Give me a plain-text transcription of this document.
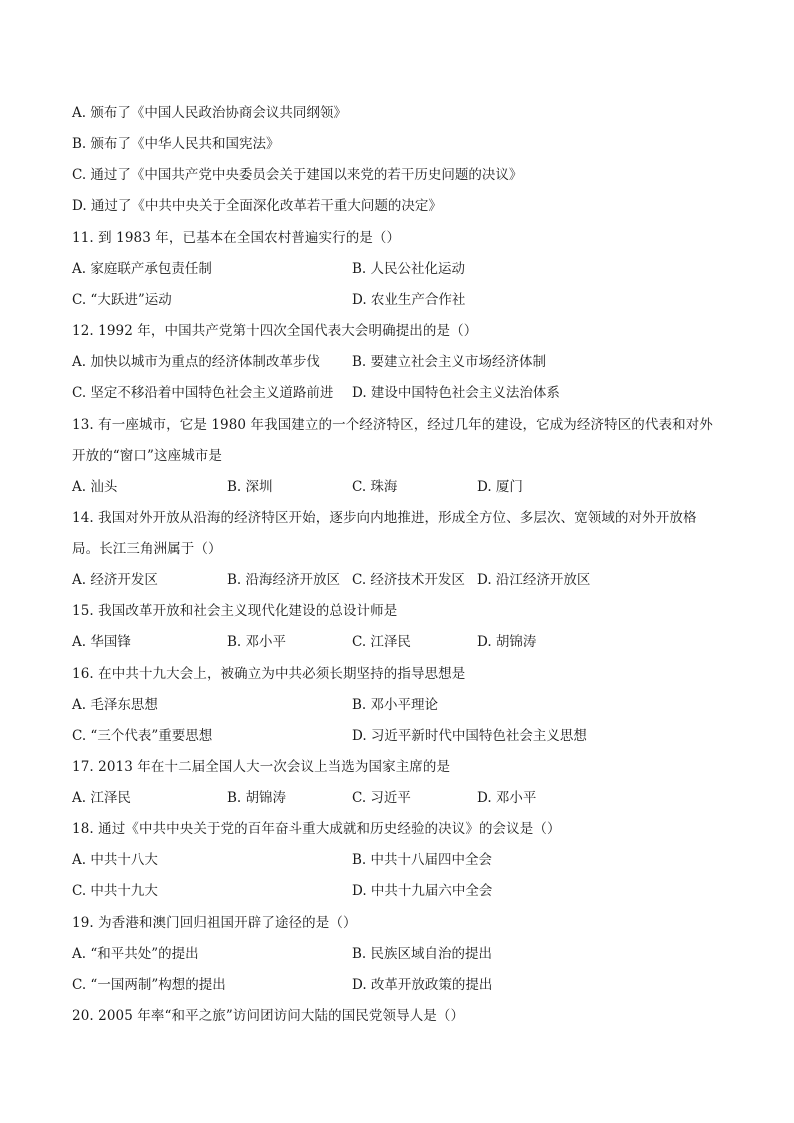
A. 颁布了《中国人民政治协商会议共同纲领》
B. 颁布了《中华人民共和国宪法》
C. 通过了《中国共产党中央委员会关于建国以来党的若干历史问题的决议》
D. 通过了《中共中央关于全面深化改革若干重大问题的决定》
11. 到 1983 年，已基本在全国农村普遍实行的是（）
A. 家庭联产承包责任制	B. 人民公社化运动
C. “大跃进”运动	D. 农业生产合作社
12. 1992 年，中国共产党第十四次全国代表大会明确提出的是（）
A. 加快以城市为重点的经济体制改革步伐 B. 要建立社会主义市场经济体制
C. 坚定不移沿着中国特色社会主义道路前进 D. 建设中国特色社会主义法治体系
13. 有一座城市，它是 1980 年我国建立的一个经济特区，经过几年的建设，它成为经济特区的代表和对外
开放的“窗口”这座城市是
A. 汕头	B. 深圳	C. 珠海	D. 厦门
14. 我国对外开放从沿海的经济特区开始，逐步向内地推进，形成全方位、多层次、宽领域的对外开放格
局。长江三角洲属于（）
A. 经济开发区	B. 沿海经济开放区 C. 经济技术开发区 D. 沿江经济开放区
15. 我国改革开放和社会主义现代化建设的总设计师是
A. 华国锋	B. 邓小平	C. 江泽民	D. 胡锦涛
16. 在中共十九大会上，被确立为中共必须长期坚持的指导思想是
A. 毛泽东思想	B. 邓小平理论
C. “三个代表”重要思想	D. 习近平新时代中国特色社会主义思想
17. 2013 年在十二届全国人大一次会议上当选为国家主席的是
A. 江泽民	B. 胡锦涛	C. 习近平	D. 邓小平
18. 通过《中共中央关于党的百年奋斗重大成就和历史经验的决议》的会议是（）
A. 中共十八大	B. 中共十八届四中全会
C. 中共十九大	D. 中共十九届六中全会
19. 为香港和澳门回归祖国开辟了途径的是（）
A. “和平共处”的提出	B. 民族区域自治的提出
C. “一国两制”构想的提出	D. 改革开放政策的提出
20. 2005 年率“和平之旅”访问团访问大陆的国民党领导人是（）
